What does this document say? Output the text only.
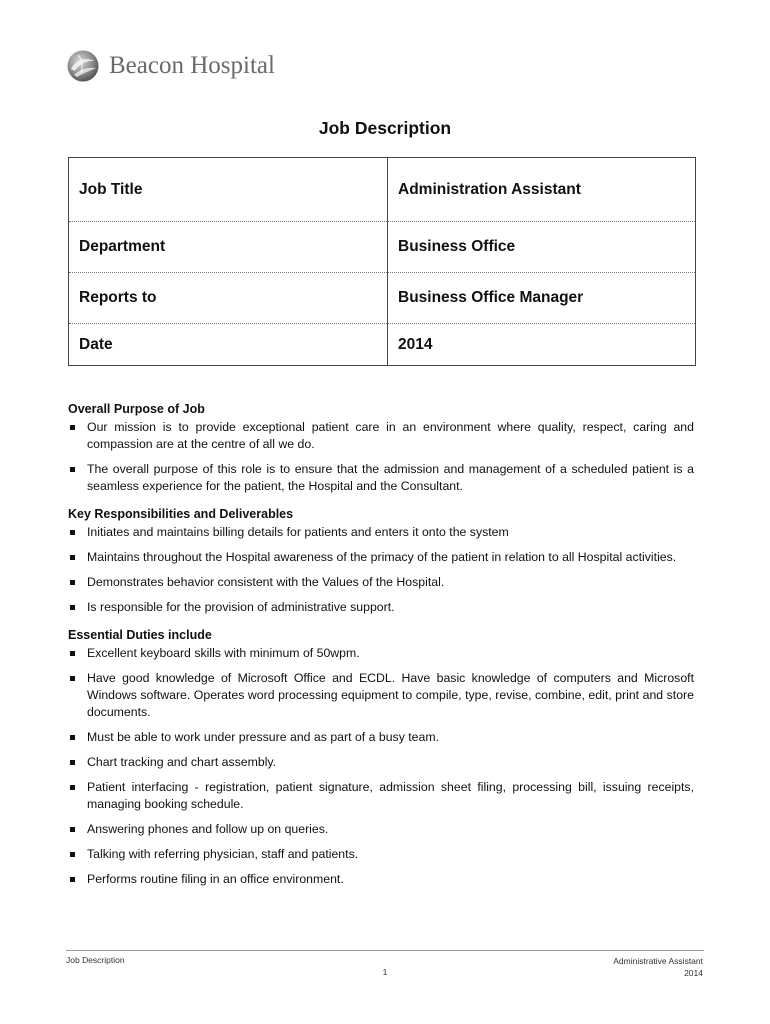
Beacon Hospital
Job Description
Job Title	Administration Assistant
Department	Business Office
Reports to	Business Office Manager
Date	2014
Overall Purpose of Job
Our mission is to provide exceptional patient care in an environment where quality, respect, caring and compassion are at the centre of all we do.
The overall purpose of this role is to ensure that the admission and management of a scheduled patient is a seamless experience for the patient, the Hospital and the Consultant.
Key Responsibilities and Deliverables
Initiates and maintains billing details for patients and enters it onto the system
Maintains throughout the Hospital awareness of the primacy of the patient in relation to all Hospital activities.
Demonstrates behavior consistent with the Values of the Hospital.
Is responsible for the provision of administrative support.
Essential Duties include
Excellent keyboard skills with minimum of 50wpm.
Have good knowledge of Microsoft Office and ECDL. Have basic knowledge of computers and Microsoft Windows software. Operates word processing equipment to compile, type, revise, combine, edit, print and store documents.
Must be able to work under pressure and as part of a busy team.
Chart tracking and chart assembly.
Patient interfacing - registration, patient signature, admission sheet filing, processing bill, issuing receipts, managing booking schedule.
Answering phones and follow up on queries.
Talking with referring physician, staff and patients.
Performs routine filing in an office environment.
Job Description
1
Administrative Assistant
2014
